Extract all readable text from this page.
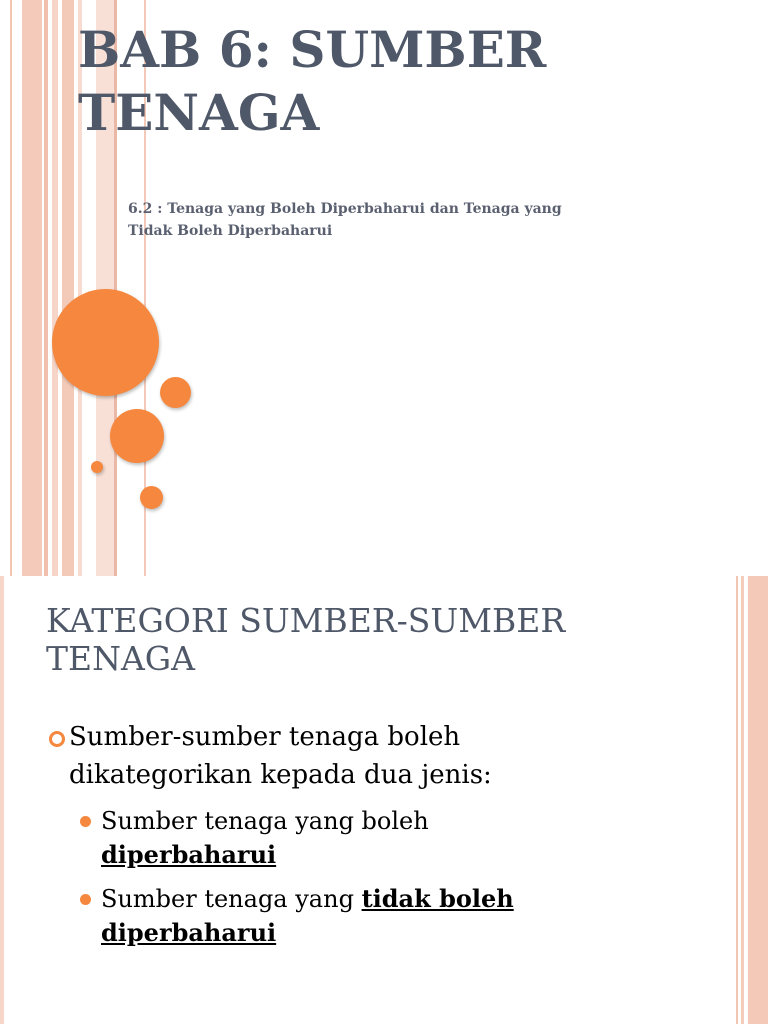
BAB 6: SUMBER
TENAGA

6.2 : Tenaga yang Boleh Diperbaharui dan Tenaga yang
Tidak Boleh Diperbaharui

KATEGORI SUMBER-SUMBER
TENAGA
Sumber-sumber tenaga boleh
dikategorikan kepada dua jenis:
Sumber tenaga yang boleh
diperbaharui
Sumber tenaga yang tidak boleh
diperbaharui
